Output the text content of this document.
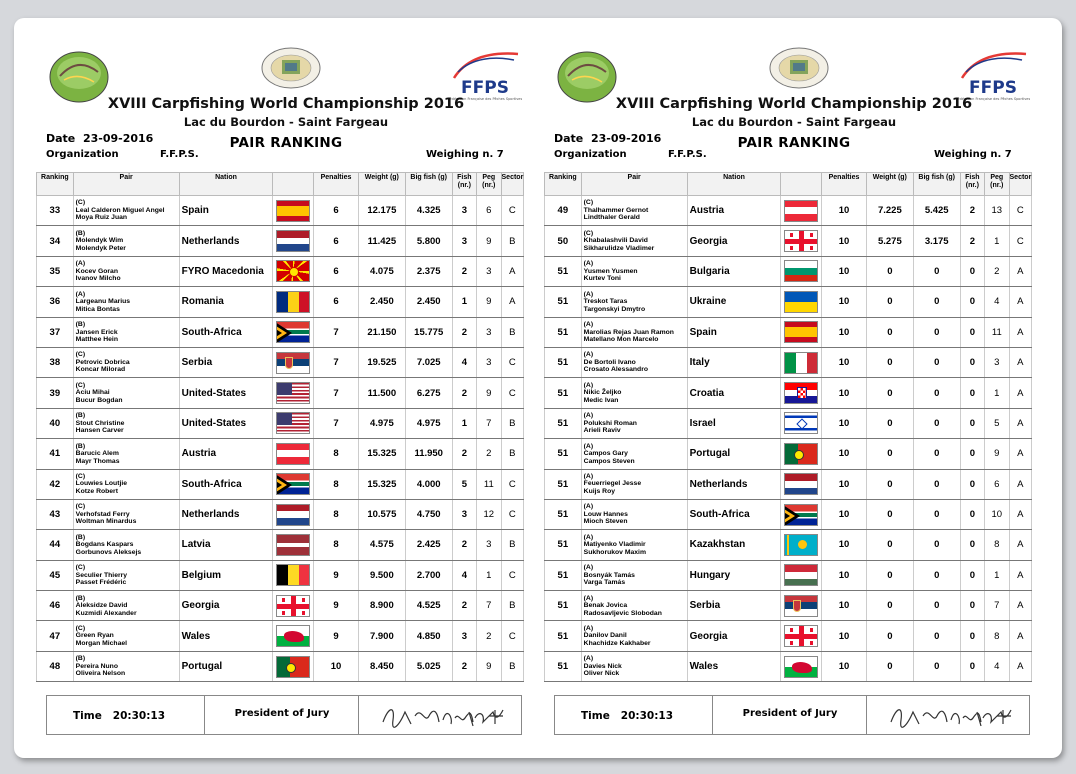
FFPS
Fédération Française des Pêches Sportives
XVIII Carpfishing World Championship 2016
Lac du Bourdon - Saint Fargeau
Date 23-09-2016	PAIR RANKING
Organization	F.F.P.S.	Weighing n. 7
Ranking	Pair	Nation		Penalties	Weight (g)	Big fish (g)	Fish (nr.)	Peg (nr.)	Sector
33	(C)
Leal Calderon Miguel Angel
Moya Ruiz Juan	Spain		6	12.175	4.325	3	6	C
34	(B)
Molendyk Wim
Molendyk Peter	Netherlands		6	11.425	5.800	3	9	B
35	(A)
Kocev Goran
Ivanov Milcho	FYRO Macedonia		6	4.075	2.375	2	3	A
36	(A)
Largeanu Marius
Mitica Bontas	Romania		6	2.450	2.450	1	9	A
37	(B)
Jansen Erick
Matthee Hein	South-Africa		7	21.150	15.775	2	3	B
38	(C)
Petrovic Dobrica
Koncar Milorad	Serbia		7	19.525	7.025	4	3	C
39	(C)
Aciu Mihai
Bucur Bogdan	United-States		7	11.500	6.275	2	9	C
40	(B)
Stout Christine
Hansen Carver	United-States		7	4.975	4.975	1	7	B
41	(B)
Barucic Alem
Mayr Thomas	Austria		8	15.325	11.950	2	2	B
42	(C)
Louwies Loutjie
Kotze Robert	South-Africa		8	15.325	4.000	5	11	C
43	(C)
Verhofstad Ferry
Woltman Minardus	Netherlands		8	10.575	4.750	3	12	C
44	(B)
Bogdans Kaspars
Gorbunovs Aleksejs	Latvia		8	4.575	2.425	2	3	B
45	(C)
Seculier Thierry
Passet Frédéric	Belgium		9	9.500	2.700	4	1	C
46	(B)
Aleksidze David
Kuzmidi Alexander	Georgia		9	8.900	4.525	2	7	B
47	(C)
Green Ryan
Morgan Michael	Wales		9	7.900	4.850	3	2	C
48	(B)
Pereira Nuno
Oliveira Nelson	Portugal		10	8.450	5.025	2	9	B
Time 20:30:13	President of Jury
FFPS
Fédération Française des Pêches Sportives
XVIII Carpfishing World Championship 2016
Lac du Bourdon - Saint Fargeau
Date 23-09-2016	PAIR RANKING
Organization	F.F.P.S.	Weighing n. 7
Ranking	Pair	Nation		Penalties	Weight (g)	Big fish (g)	Fish (nr.)	Peg (nr.)	Sector
49	(C)
Thalhammer Gernot
Lindthaler Gerald	Austria		10	7.225	5.425	2	13	C
50	(C)
Khabalashvili David
Sikharulidze Vladimer	Georgia		10	5.275	3.175	2	1	C
51	(A)
Yusmen Yusmen
Kurtev Toni	Bulgaria		10	0	0	0	2	A
51	(A)
Treskot Taras
Targonskyi Dmytro	Ukraine		10	0	0	0	4	A
51	(A)
Marolias Rejas Juan Ramon
Matellano Mon Marcelo	Spain		10	0	0	0	11	A
51	(A)
De Bortoli Ivano
Crosato Alessandro	Italy		10	0	0	0	3	A
51	(A)
Nikic Željko
Medic Ivan	Croatia		10	0	0	0	1	A
51	(A)
Polukshi Roman
Arieli Raviv	Israel		10	0	0	0	5	A
51	(A)
Campos Gary
Campos Steven	Portugal		10	0	0	0	9	A
51	(A)
Feuerriegel Jesse
Kuijs Roy	Netherlands		10	0	0	0	6	A
51	(A)
Louw Hannes
Mioch Steven	South-Africa		10	0	0	0	10	A
51	(A)
Matiyenko Vladimir
Sukhorukov Maxim	Kazakhstan		10	0	0	0	8	A
51	(A)
Bosnyák Tamás
Varga Tamás	Hungary		10	0	0	0	1	A
51	(A)
Benak Jovica
Radosavljevic Slobodan	Serbia		10	0	0	0	7	A
51	(A)
Danilov Danil
Khachidze Kakhaber	Georgia		10	0	0	0	8	A
51	(A)
Davies Nick
Oliver Nick	Wales		10	0	0	0	4	A
Time 20:30:13	President of Jury
